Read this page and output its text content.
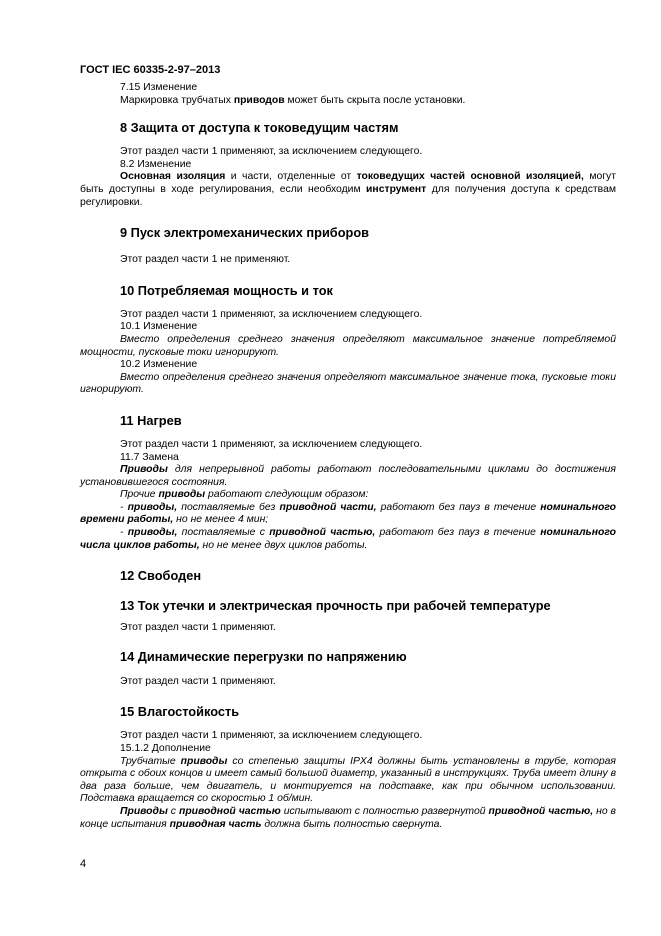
ГОСТ IEC 60335-2-97–2013

7.15 Изменение

Маркировка трубчатых приводов может быть скрыта после установки.

8 Защита от доступа к токоведущим частям

Этот раздел части 1 применяют, за исключением следующего.

8.2 Изменение

Основная изоляция и части, отделенные от токоведущих частей основной изоляцией, могут быть доступны в ходе регулирования, если необходим инструмент для получения доступа к средствам регулировки.

9 Пуск электромеханических приборов

Этот раздел части 1 не применяют.

10 Потребляемая мощность и ток

Этот раздел части 1 применяют, за исключением следующего.

10.1 Изменение

Вместо определения среднего значения определяют максимальное значение потребляемой мощности, пусковые токи игнорируют.

10.2 Изменение

Вместо определения среднего значения определяют максимальное значение тока, пусковые токи игнорируют.

11 Нагрев

Этот раздел части 1 применяют, за исключением следующего.

11.7 Замена

Приводы для непрерывной работы работают последовательными циклами до достижения установившегося состояния.

Прочие приводы работают следующим образом:

- приводы, поставляемые без приводной части, работают без пауз в течение номинального времени работы, но не менее 4 мин;

- приводы, поставляемые с приводной частью, работают без пауз в течение номинального числа циклов работы, но не менее двух циклов работы.

12 Свободен
13 Ток утечки и электрическая прочность при рабочей температуре

Этот раздел части 1 применяют.

14 Динамические перегрузки по напряжению

Этот раздел части 1 применяют.

15 Влагостойкость

Этот раздел части 1 применяют, за исключением следующего.

15.1.2 Дополнение

Трубчатые приводы со степенью защиты IPX4 должны быть установлены в трубе, которая открыта с обоих концов и имеет самый большой диаметр, указанный в инструкциях. Труба имеет длину в два раза больше, чем двигатель, и монтируется на подставке, как при обычном использовании. Подставка вращается со скоростью 1 об/мин.

Приводы с приводной частью испытывают с полностью развернутой приводной частью, но в конце испытания приводная часть должна быть полностью свернута.

4
